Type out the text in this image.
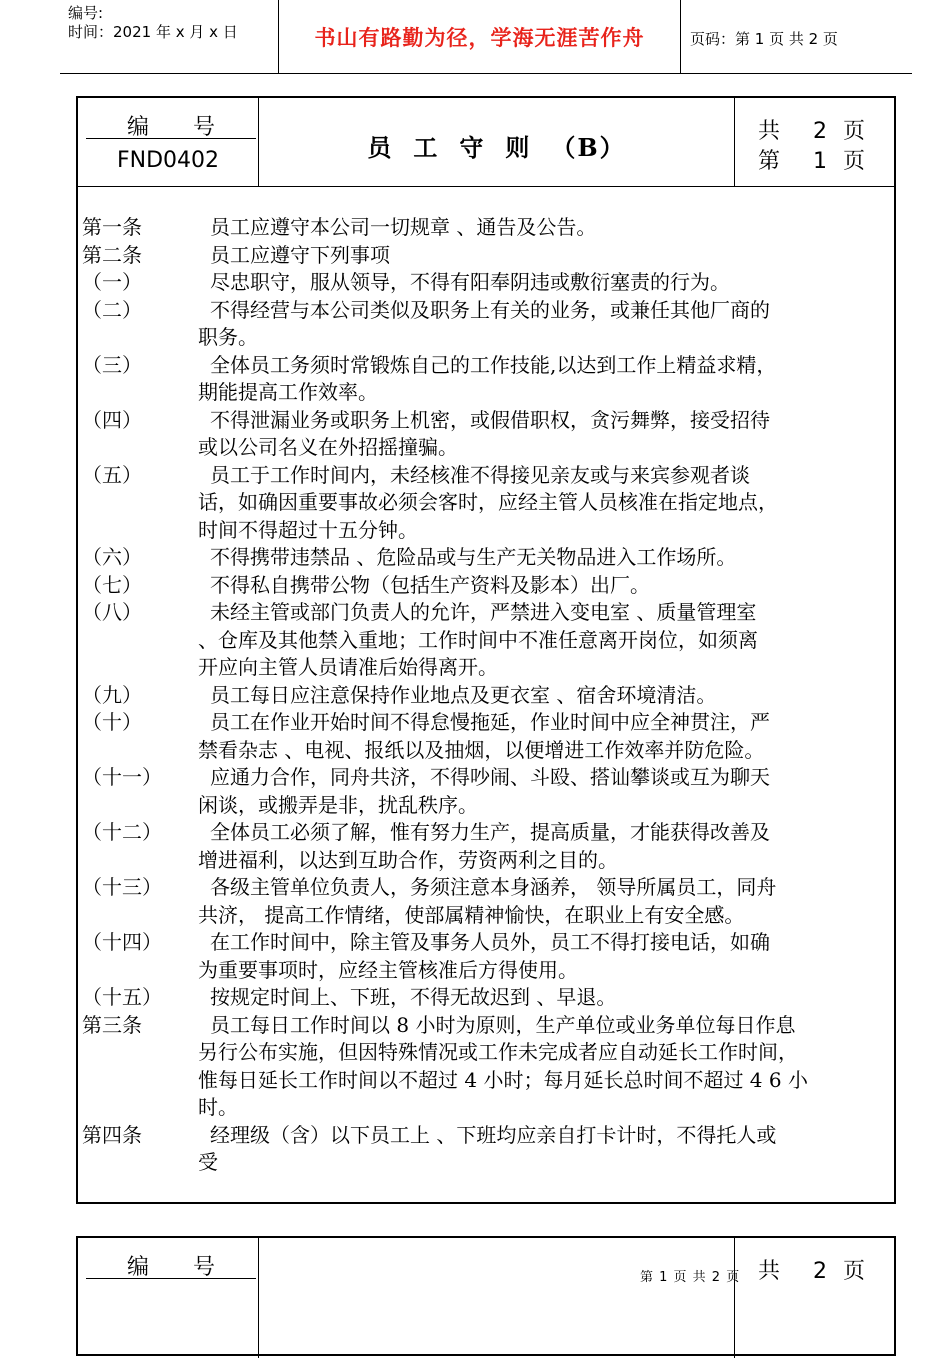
编号:
时间：2021 年 x 月 x 日	书山有路勤为径，学海无涯苦作舟	页码：第 1 页 共 2 页
编　　号
FND0402	员 工 守 则 （B）
共 2 页
第 1 页
第一条	员工应遵守本公司一切规章 、通告及公告。
第二条	员工应遵守下列事项
（一）	尽忠职守，服从领导，不得有阳奉阴违或敷衍塞责的行为。
（二）	不得经营与本公司类似及职务上有关的业务，或兼任其他厂商的
职务。
（三）	全体员工务须时常锻炼自己的工作技能,以达到工作上精益求精，
期能提高工作效率。
（四）	不得泄漏业务或职务上机密，或假借职权，贪污舞弊，接受招待
或以公司名义在外招摇撞骗。
（五）	员工于工作时间内，未经核准不得接见亲友或与来宾参观者谈
话，如确因重要事故必须会客时，应经主管人员核准在指定地点，
时间不得超过十五分钟。
（六）	不得携带违禁品 、危险品或与生产无关物品进入工作场所。
（七）	不得私自携带公物（包括生产资料及影本）出厂。
（八）	未经主管或部门负责人的允许，严禁进入变电室 、质量管理室
、仓库及其他禁入重地；工作时间中不准任意离开岗位，如须离
开应向主管人员请准后始得离开。
（九）	员工每日应注意保持作业地点及更衣室 、宿舍环境清洁。
（十）	员工在作业开始时间不得怠慢拖延，作业时间中应全神贯注，严
禁看杂志 、电视、报纸以及抽烟，以便增进工作效率并防危险。
（十一）	应通力合作，同舟共济，不得吵闹、斗殴、搭讪攀谈或互为聊天
闲谈，或搬弄是非，扰乱秩序。
（十二）	全体员工必须了解，惟有努力生产，提高质量，才能获得改善及
增进福利，以达到互助合作，劳资两利之目的。
（十三）	各级主管单位负责人，务须注意本身涵养， 领导所属员工，同舟
共济， 提高工作情绪，使部属精神愉快，在职业上有安全感。
（十四）	在工作时间中，除主管及事务人员外，员工不得打接电话，如确
为重要事项时，应经主管核准后方得使用。
（十五）	按规定时间上、下班，不得无故迟到 、早退。
第三条	员工每日工作时间以 8 小时为原则，生产单位或业务单位每日作息
另行公布实施，但因特殊情况或工作未完成者应自动延长工作时间，
惟每日延长工作时间以不超过 4 小时；每月延长总时间不超过 4 6 小
时。
第四条	经理级（含）以下员工上 、下班均应亲自打卡计时，不得托人或
受
编　　号	共 2 页
第 1 页 共 2 页
